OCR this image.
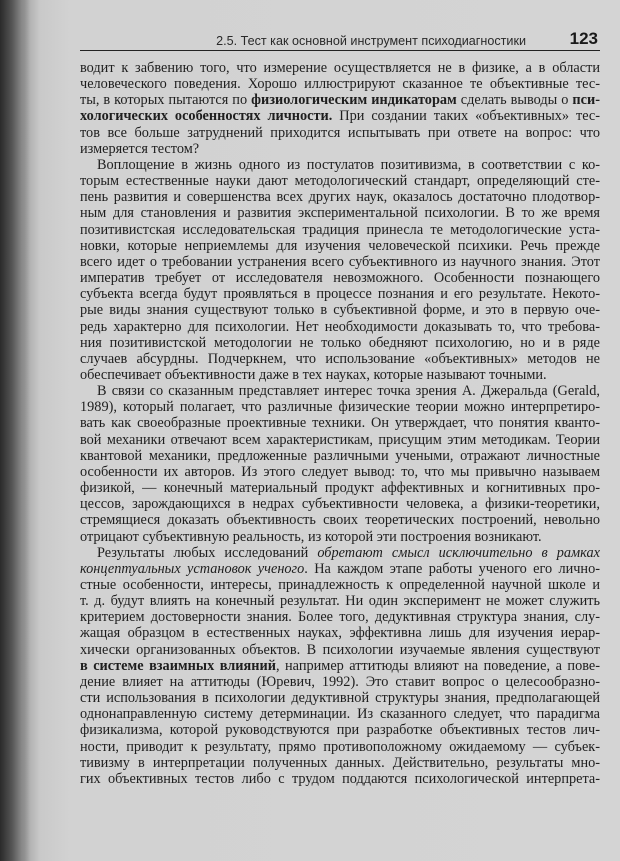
2.5. Тест как основной инструмент психодиагностики	123
водит к забвению того, что измерение осуществляется не в физике, а в области
человеческого поведения. Хорошо иллюстрируют сказанное те объективные тес-
ты, в которых пытаются по физиологическим индикаторам сделать выводы о пси-
хологических особенностях личности. При создании таких «объективных» тес-
тов все больше затруднений приходится испытывать при ответе на вопрос: что
измеряется тестом?
Воплощение в жизнь одного из постулатов позитивизма, в соответствии с ко-
торым естественные науки дают методологический стандарт, определяющий сте-
пень развития и совершенства всех других наук, оказалось достаточно плодотвор-
ным для становления и развития экспериментальной психологии. В то же время
позитивистская исследовательская традиция принесла те методологические уста-
новки, которые неприемлемы для изучения человеческой психики. Речь прежде
всего идет о требовании устранения всего субъективного из научного знания. Этот
императив требует от исследователя невозможного. Особенности познающего
субъекта всегда будут проявляться в процессе познания и его результате. Некото-
рые виды знания существуют только в субъективной форме, и это в первую оче-
редь характерно для психологии. Нет необходимости доказывать то, что требова-
ния позитивистской методологии не только обедняют психологию, но и в ряде
случаев абсурдны. Подчеркнем, что использование «объективных» методов не
обеспечивает объективности даже в тех науках, которые называют точными.
В связи со сказанным представляет интерес точка зрения А. Джеральда (Gerald,
1989), который полагает, что различные физические теории можно интерпретиро-
вать как своеобразные проективные техники. Он утверждает, что понятия кванто-
вой механики отвечают всем характеристикам, присущим этим методикам. Теории
квантовой механики, предложенные различными учеными, отражают личностные
особенности их авторов. Из этого следует вывод: то, что мы привычно называем
физикой, — конечный материальный продукт аффективных и когнитивных про-
цессов, зарождающихся в недрах субъективности человека, а физики-теоретики,
стремящиеся доказать объективность своих теоретических построений, невольно
отрицают субъективную реальность, из которой эти построения возникают.
Результаты любых исследований обретают смысл исключительно в рамках
концептуальных установок ученого. На каждом этапе работы ученого его лично-
стные особенности, интересы, принадлежность к определенной научной школе и
т. д. будут влиять на конечный результат. Ни один эксперимент не может служить
критерием достоверности знания. Более того, дедуктивная структура знания, слу-
жащая образцом в естественных науках, эффективна лишь для изучения иерар-
хически организованных объектов. В психологии изучаемые явления существуют
в системе взаимных влияний, например аттитюды влияют на поведение, а пове-
дение влияет на аттитюды (Юревич, 1992). Это ставит вопрос о целесообразно-
сти использования в психологии дедуктивной структуры знания, предполагающей
однонаправленную систему детерминации. Из сказанного следует, что парадигма
физикализма, которой руководствуются при разработке объективных тестов лич-
ности, приводит к результату, прямо противоположному ожидаемому — субъек-
тивизму в интерпретации полученных данных. Действительно, результаты мно-
гих объективных тестов либо с трудом поддаются психологической интерпрета-
